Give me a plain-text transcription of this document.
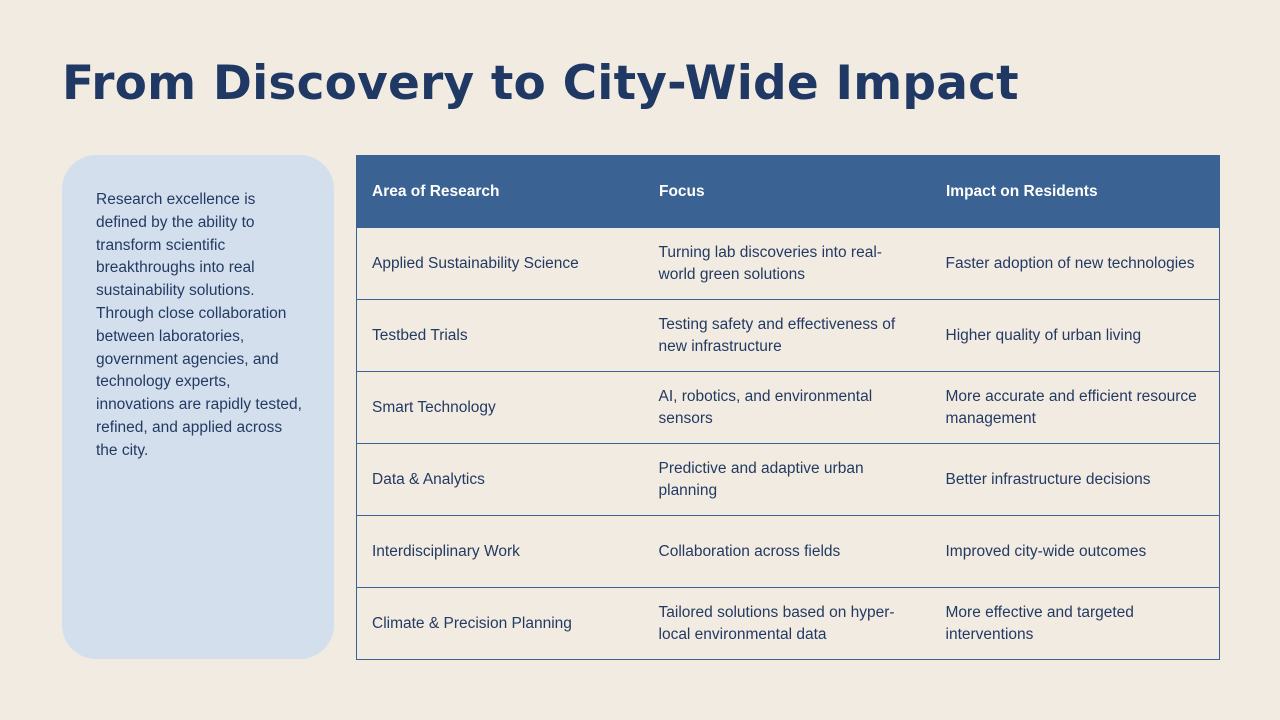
From Discovery to City-Wide Impact

Research excellence is defined by the ability to transform scientific breakthroughs into real sustainability solutions. Through close collaboration between laboratories, government agencies, and technology experts, innovations are rapidly tested, refined, and applied across the city.

Area of Research	Focus	Impact on Residents
Applied Sustainability Science	Turning lab discoveries into real-world green solutions	Faster adoption of new technologies
Testbed Trials	Testing safety and effectiveness of new infrastructure	Higher quality of urban living
Smart Technology	AI, robotics, and environmental sensors	More accurate and efficient resource management
Data & Analytics	Predictive and adaptive urban planning	Better infrastructure decisions
Interdisciplinary Work	Collaboration across fields	Improved city-wide outcomes
Climate & Precision Planning	Tailored solutions based on hyper-local environmental data	More effective and targeted interventions
